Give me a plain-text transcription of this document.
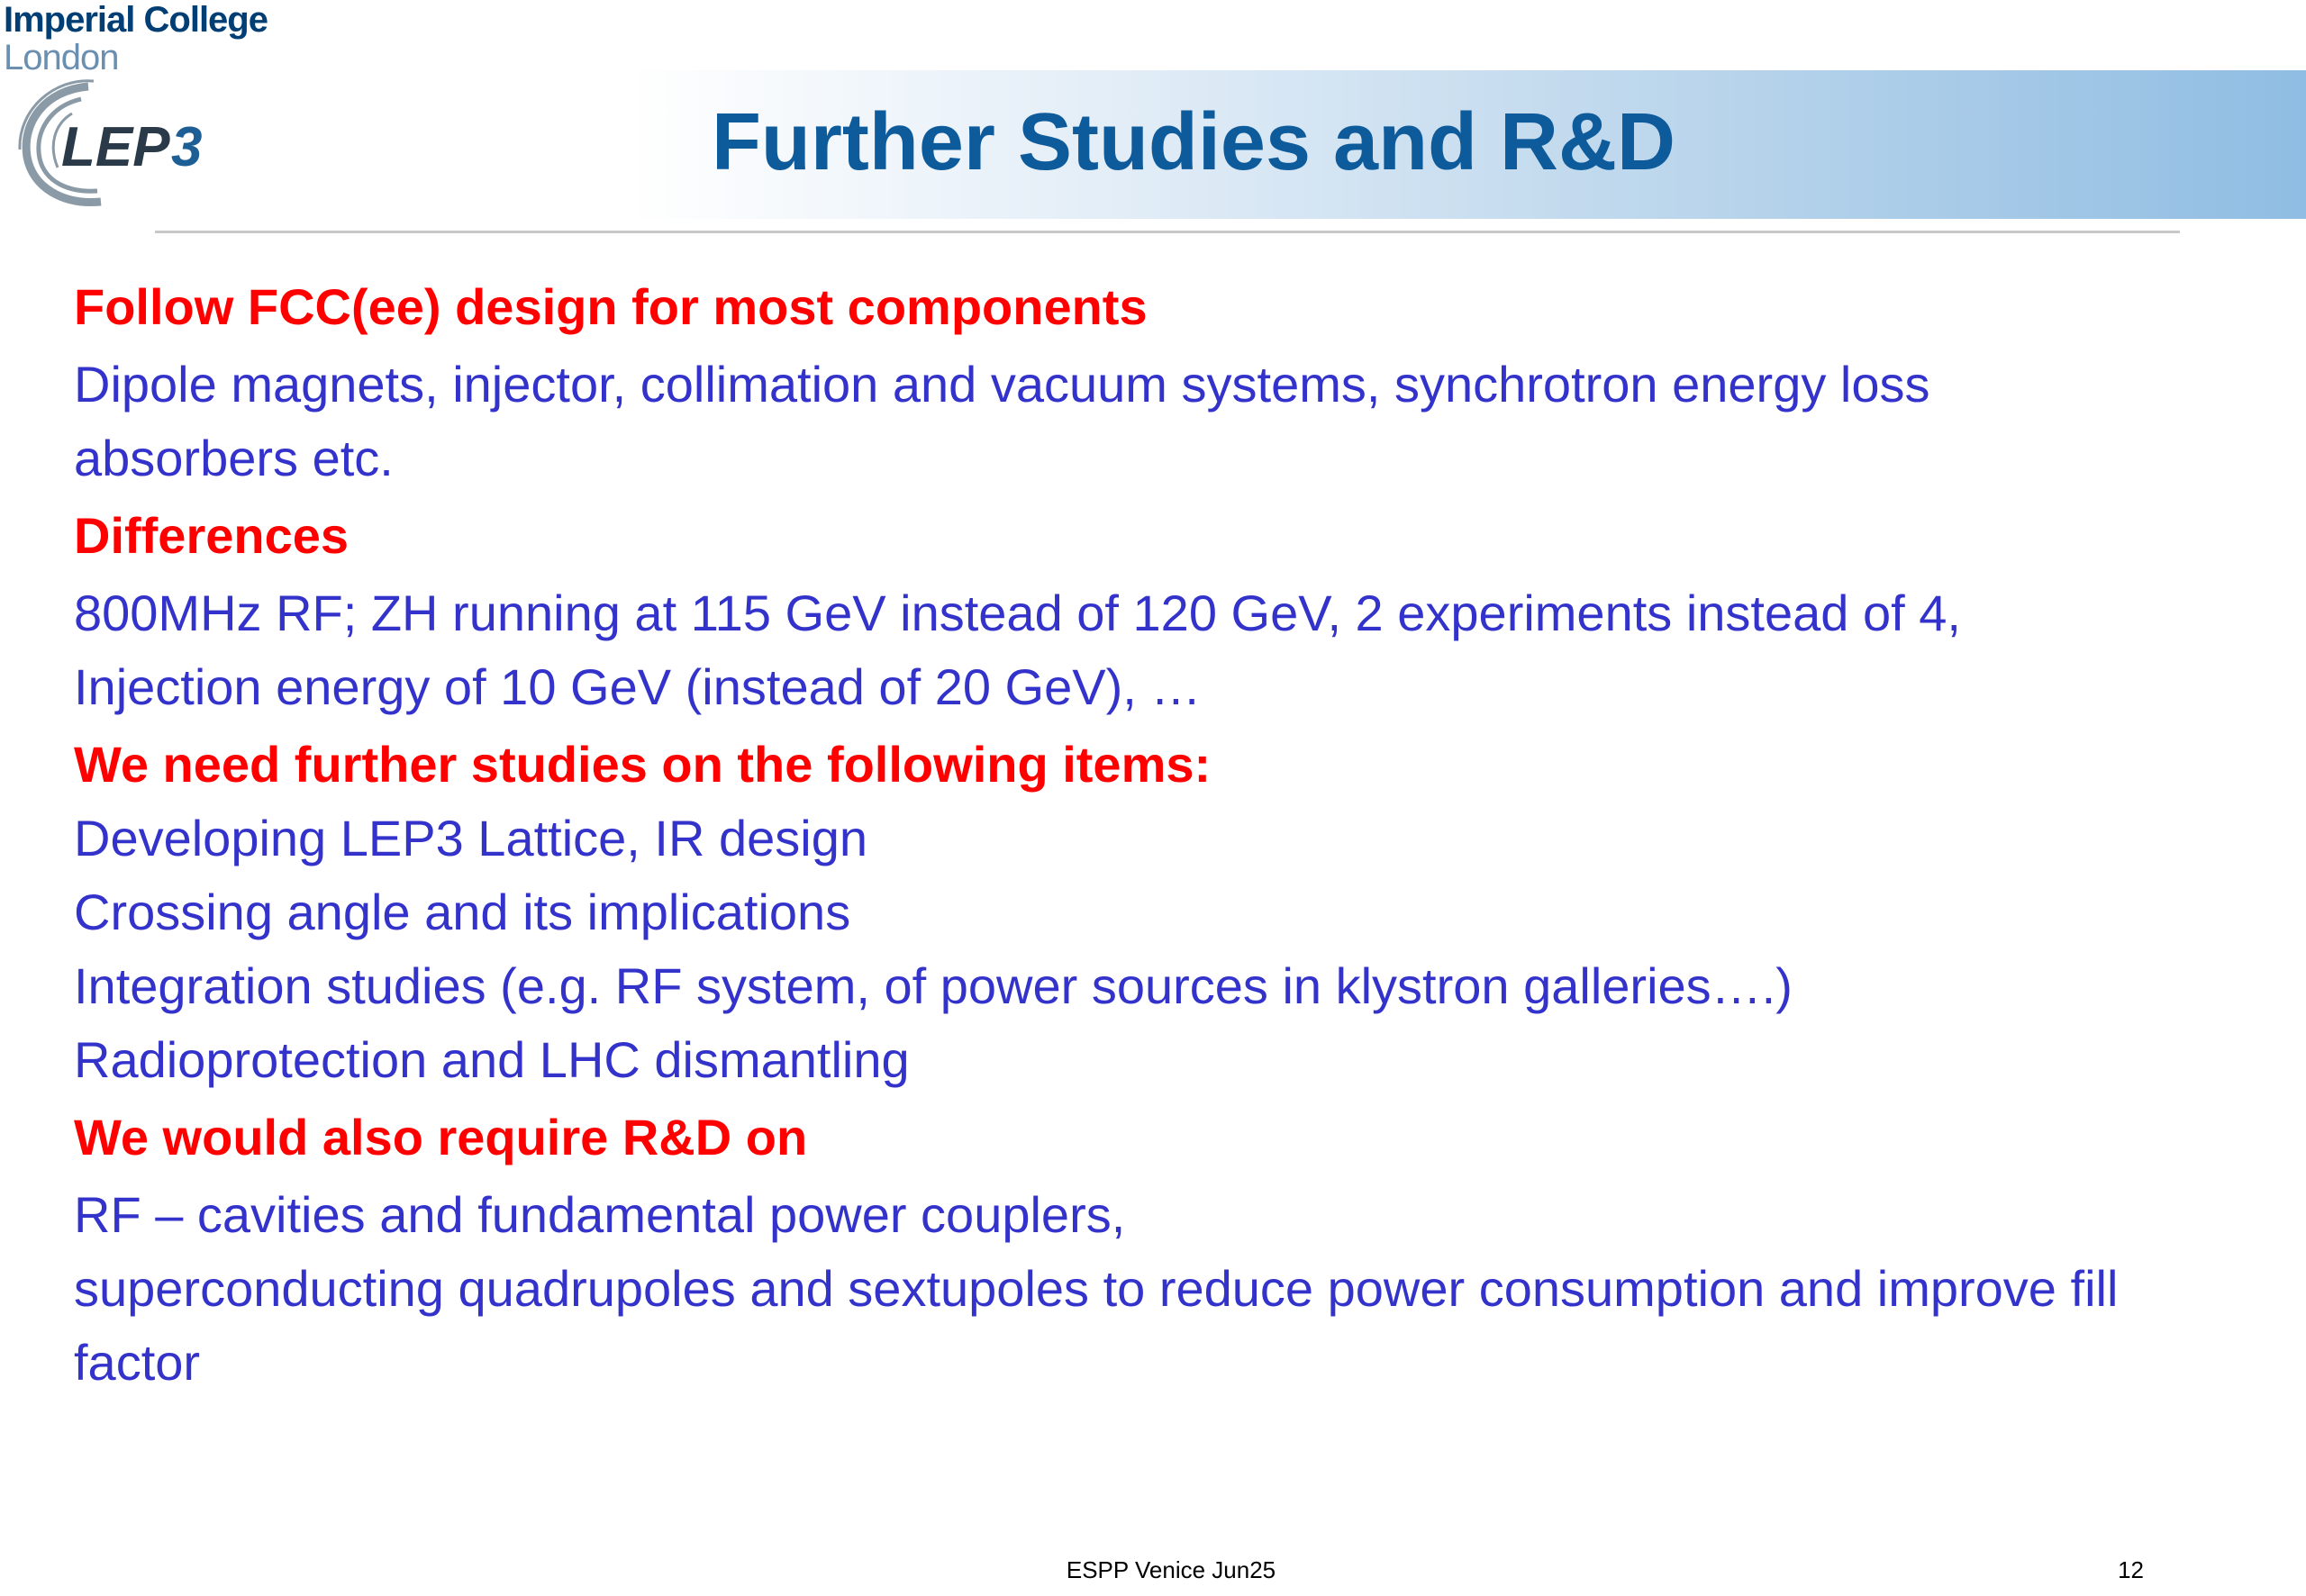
Imperial College
London
LEP 3	Further Studies and R&D
Follow FCC(ee) design for most components
Dipole magnets, injector, collimation and vacuum systems, synchrotron energy loss
absorbers etc.
Differences
800MHz RF; ZH running at 115 GeV instead of 120 GeV, 2 experiments instead of 4,
Injection energy of 10 GeV (instead of 20 GeV), …
We need further studies on the following items:
Developing LEP3 Lattice, IR design
Crossing angle and its implications
Integration studies (e.g. RF system, of power sources in klystron galleries….)
Radioprotection and LHC dismantling
We would also require R&D on
RF – cavities and fundamental power couplers,
superconducting quadrupoles and sextupoles to reduce power consumption and improve fill
factor
ESPP Venice Jun25	12
